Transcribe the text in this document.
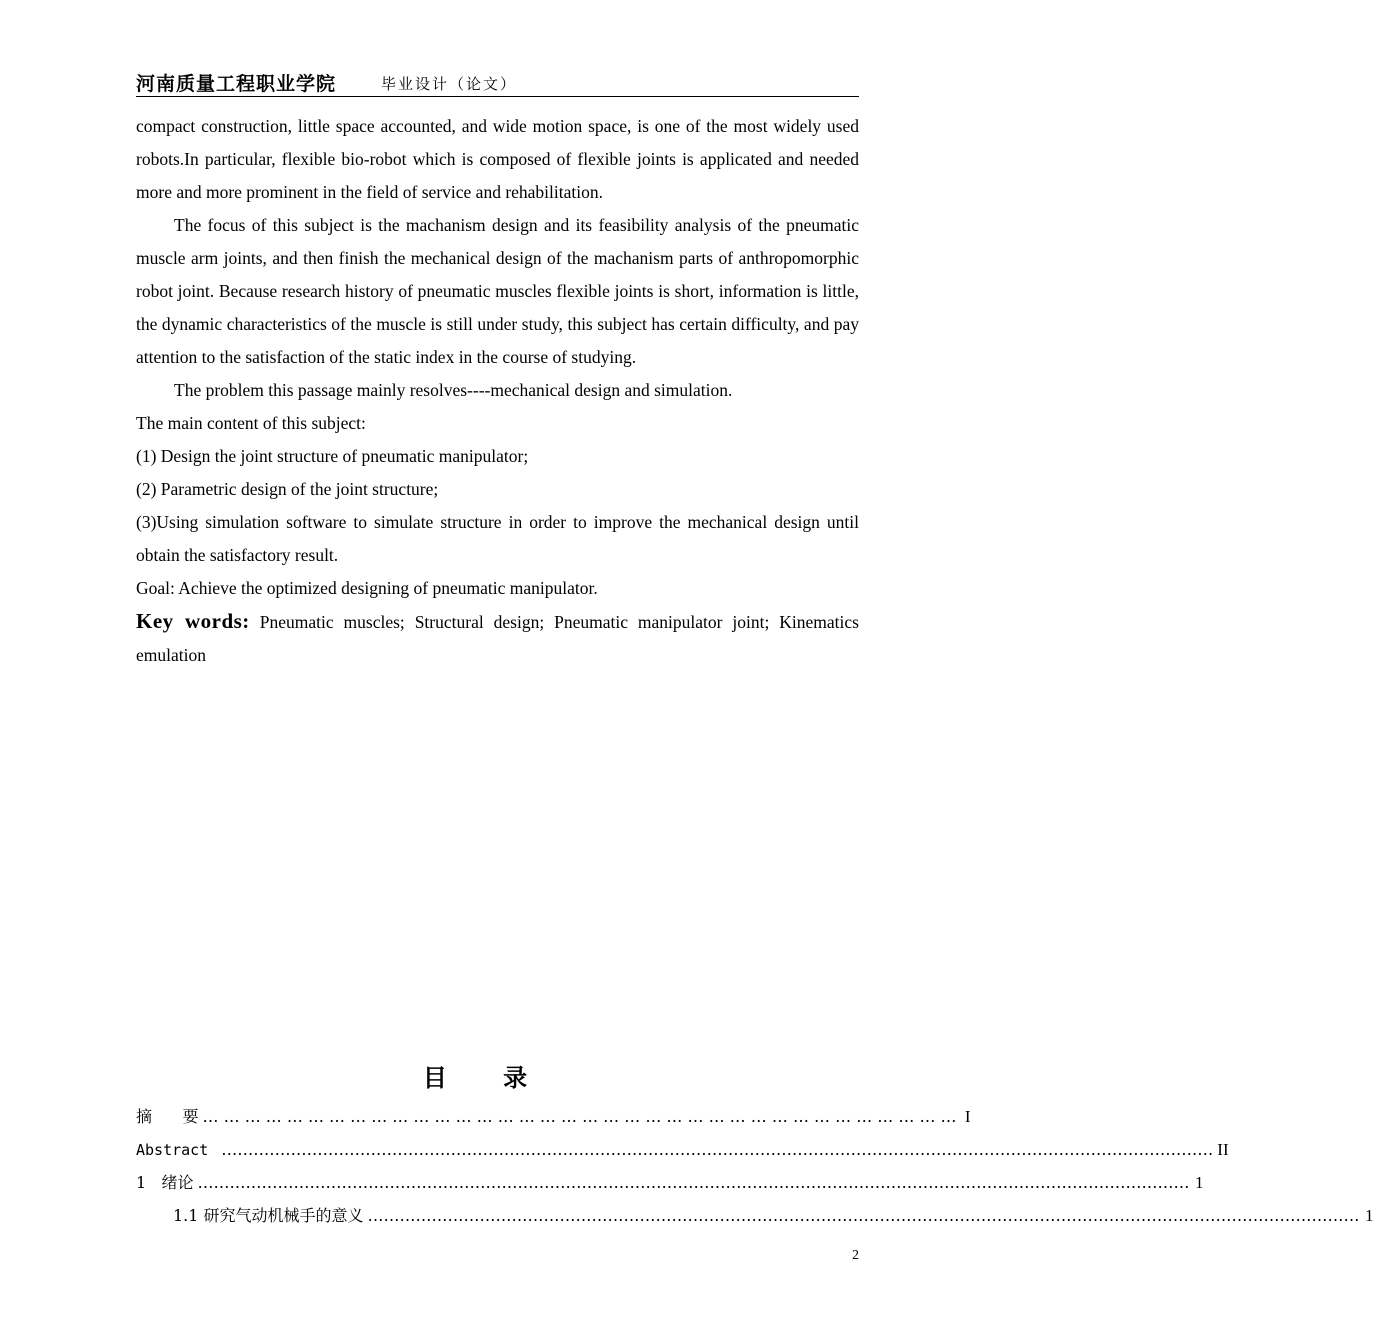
河南质量工程职业学院	毕业设计（论文）

compact construction, little space accounted, and wide motion space, is one of the most widely used robots.In particular, flexible bio-robot which is composed of flexible joints is applicated and needed more and more prominent in the field of service and rehabilitation.

The focus of this subject is the machanism design and its feasibility analysis of the pneumatic muscle arm joints, and then finish the mechanical design of the machanism parts of anthropomorphic robot joint. Because research history of pneumatic muscles flexible joints is short, information is little, the dynamic characteristics of the muscle is still under study, this subject has certain difficulty, and pay attention to the satisfaction of the static index in the course of studying.

The problem this passage mainly resolves----mechanical design and simulation.

The main content of this subject:

(1) Design the joint structure of pneumatic manipulator;

(2) Parametric design of the joint structure;

(3)Using simulation software to simulate structure in order to improve the mechanical design until obtain the satisfactory result.

Goal: Achieve the optimized designing of pneumatic manipulator.

Key words: Pneumatic muscles; Structural design; Pneumatic manipulator joint; Kinematics emulation

目 录
摘      要 … … … … … … … … … … … … … … … … … … … … … … … … … … … … … … … … … … … … I
Abstract …………………………………………………………………………………………………………………………………………………………………… II
1   绪论 …………………………………………………………………………………………………………………………………………………………………… 1
1.1 研究气动机械手的意义 …………………………………………………………………………………………………………………………………………………………………… 1
2
